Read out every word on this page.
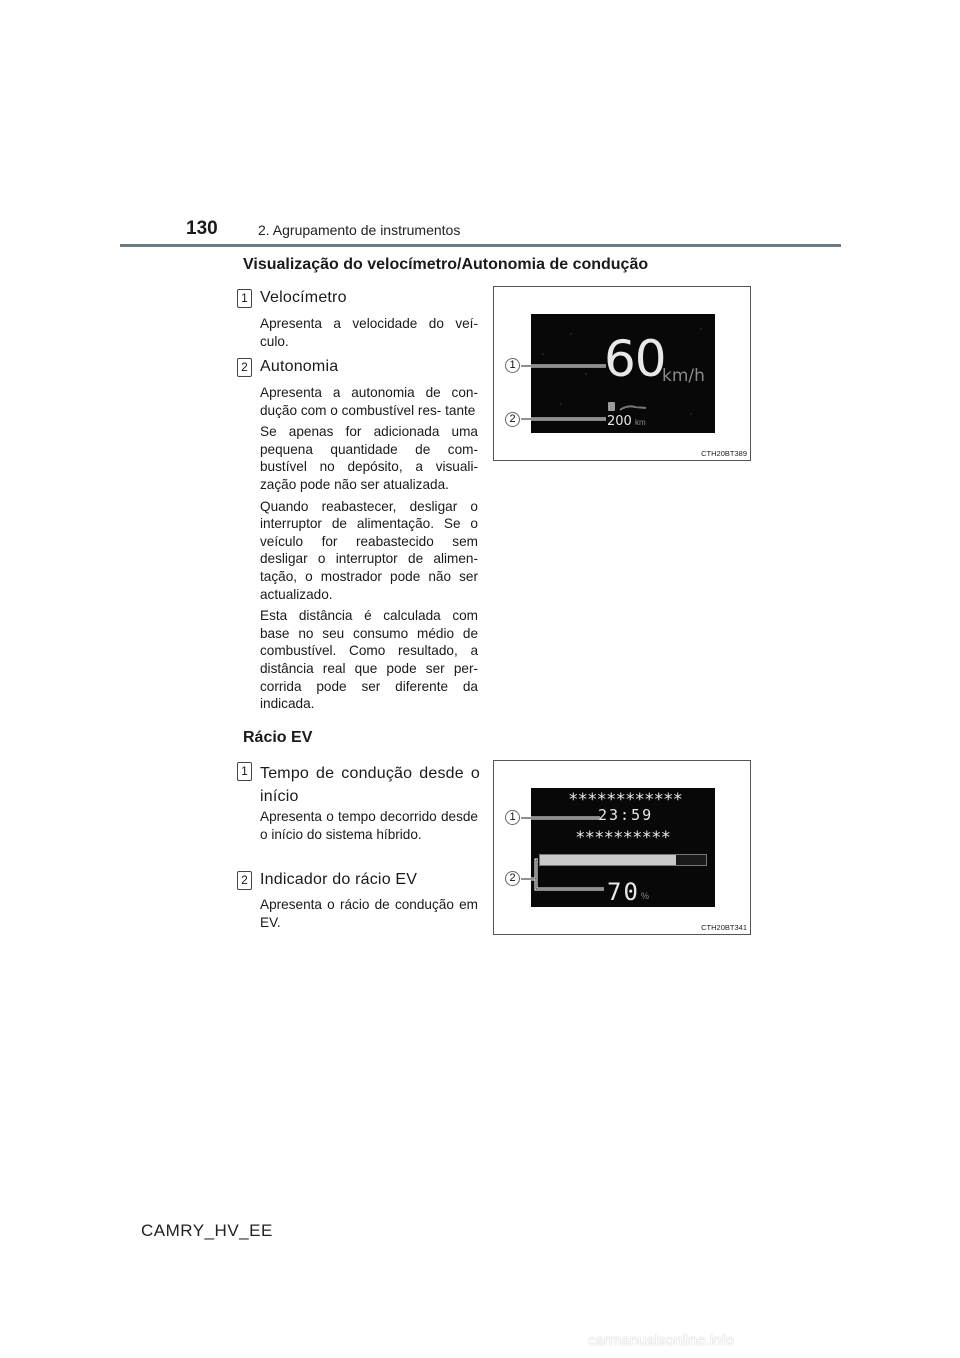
130	2. Agrupamento de instrumentos
Visualização do velocímetro/Autonomia de condução
1 Velocímetro

Apresenta a velocidade do veí- culo.

2 Autonomia

Apresenta a autonomia de con- dução com o combustível res- tante

Se apenas for adicionada uma pequena quantidade de com- bustível no depósito, a visuali- zação pode não ser atualizada.

Quando reabastecer, desligar o interruptor de alimentação. Se o veículo for reabastecido sem desligar o interruptor de alimen- tação, o mostrador pode não ser actualizado.

Esta distância é calculada com base no seu consumo médio de combustível. Como resultado, a distância real que pode ser per- corrida pode ser diferente da indicada.

60
km/h
200 km
1
2
CTH20BT389
Rácio EV
1 Tempo de condução desde o início

Apresenta o tempo decorrido desde o início do sistema híbrido.

2 Indicador do rácio EV

Apresenta o rácio de condução em EV.

************
23:59
**********
70 %
1
2
CTH20BT341
CAMRY_HV_EE
carmanualsonline.info
